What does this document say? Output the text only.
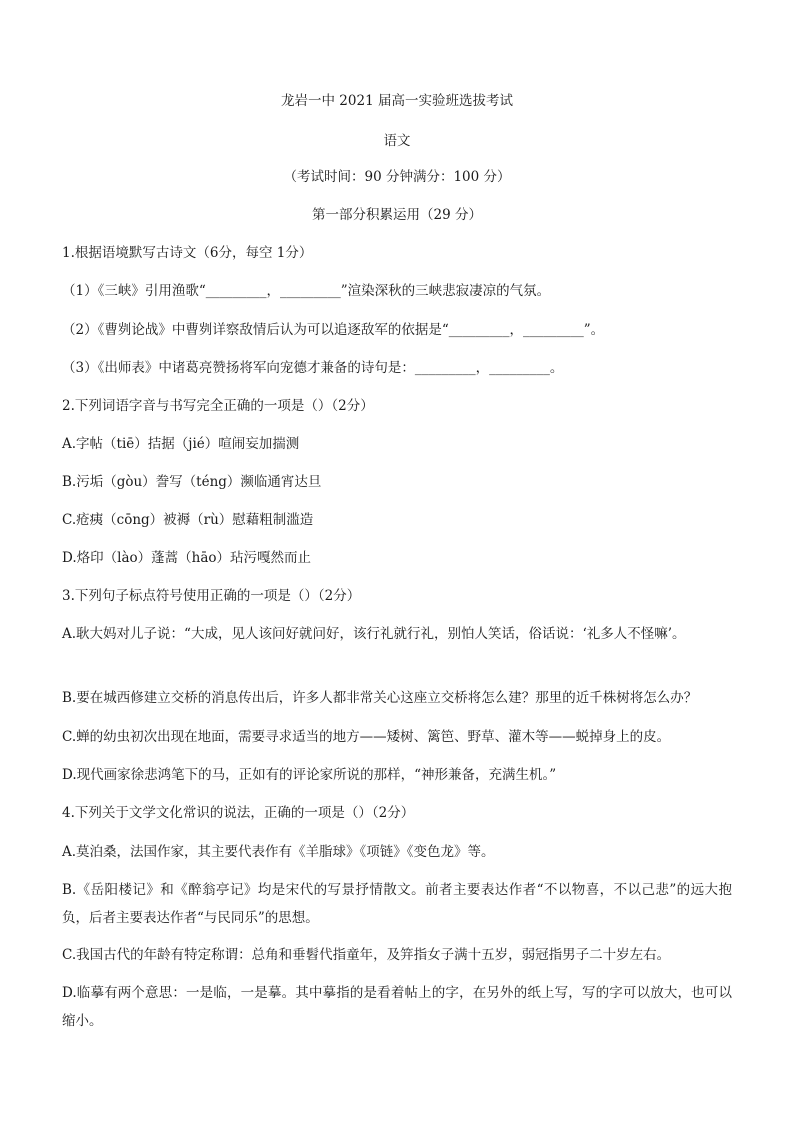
龙岩一中 2021 届高一实验班选拔考试
语文
（考试时间：90 分钟满分：100 分）
第一部分积累运用（29 分）
1.根据语境默写古诗文（6分，每空 1分）
（1）《三峡》引用渔歌“_________，_________”渲染深秋的三峡悲寂凄凉的气氛。
（2）《曹刿论战》中曹刿详察敌情后认为可以追逐敌军的依据是“_________，_________”。
（3）《出师表》中诸葛亮赞扬将军向宠德才兼备的诗句是：_________，_________。
2.下列词语字音与书写完全正确的一项是（）（2分）
A.字帖（tiē）拮据（jié）喧闹妄加揣测
B.污垢（gòu）誊写（téng）濒临通宵达旦
C.疮痍（cōng）被褥（rù）慰藉粗制滥造
D.烙印（lào）蓬蒿（hāo）玷污嘎然而止
3.下列句子标点符号使用正确的一项是（）（2分）
A.耿大妈对儿子说：“大成，见人该问好就问好，该行礼就行礼，别怕人笑话，俗话说：‘礼多人不怪嘛’。
B.要在城西修建立交桥的消息传出后，许多人都非常关心这座立交桥将怎么建？那里的近千株树将怎么办？
C.蝉的幼虫初次出现在地面，需要寻求适当的地方——矮树、篱笆、野草、灌木等——蜕掉身上的皮。
D.现代画家徐悲鸿笔下的马，正如有的评论家所说的那样，“神形兼备，充满生机。”
4.下列关于文学文化常识的说法，正确的一项是（）（2分）
A.莫泊桑，法国作家，其主要代表作有《羊脂球》《项链》《变色龙》等。
B.《岳阳楼记》和《醉翁亭记》均是宋代的写景抒情散文。前者主要表达作者“不以物喜，不以己悲”的远大抱负，后者主要表达作者“与民同乐”的思想。
C.我国古代的年龄有特定称谓：总角和垂髫代指童年，及笄指女子满十五岁，弱冠指男子二十岁左右。
D.临摹有两个意思：一是临，一是摹。其中摹指的是看着帖上的字，在另外的纸上写，写的字可以放大，也可以缩小。
